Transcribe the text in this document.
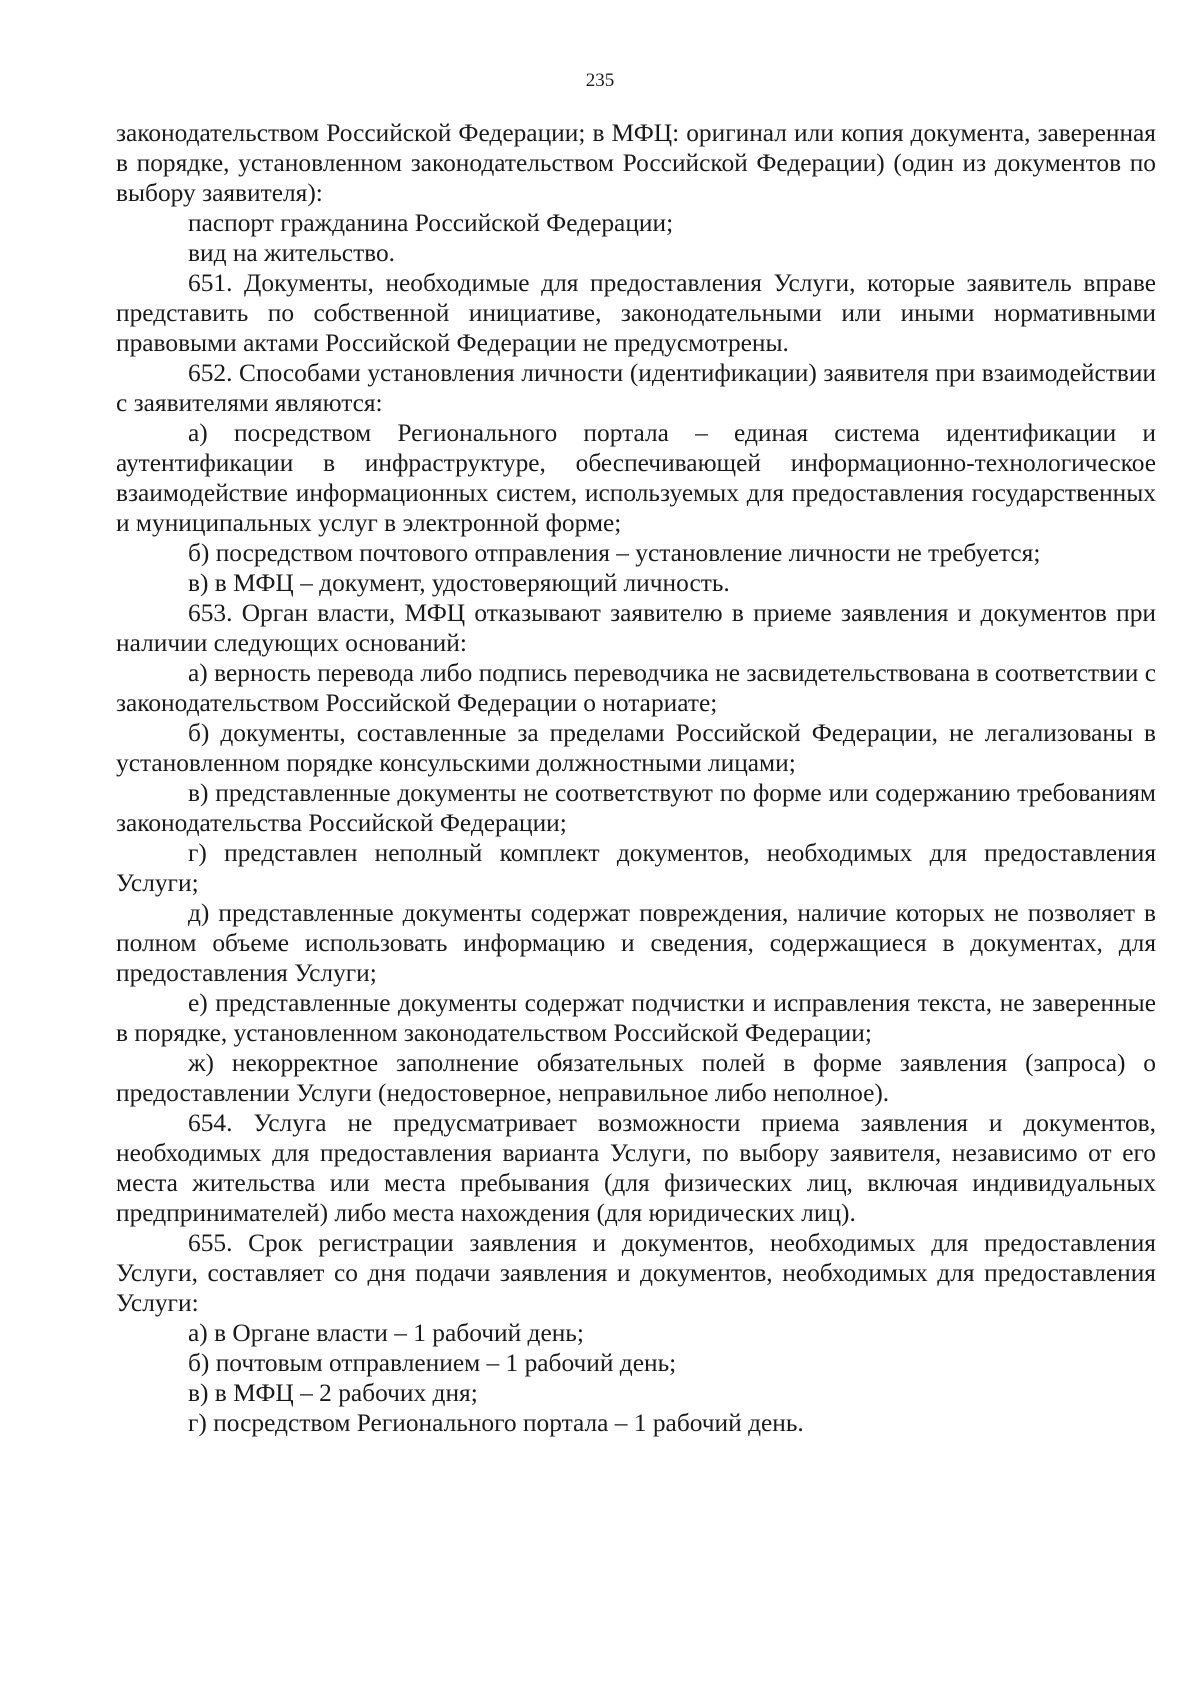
235

законодательством Российской Федерации; в МФЦ: оригинал или копия документа, заверенная в порядке, установленном законодательством Российской Федерации) (один из документов по выбору заявителя):

паспорт гражданина Российской Федерации;

вид на жительство.

651. Документы, необходимые для предоставления Услуги, которые заявитель вправе представить по собственной инициативе, законодательными или иными нормативными правовыми актами Российской Федерации не предусмотрены.

652. Способами установления личности (идентификации) заявителя при взаимодействии с заявителями являются:

а) посредством Регионального портала – единая система идентификации и аутентификации в инфраструктуре, обеспечивающей информационно-технологическое взаимодействие информационных систем, используемых для предоставления государственных и муниципальных услуг в электронной форме;

б) посредством почтового отправления – установление личности не требуется;

в) в МФЦ – документ, удостоверяющий личность.

653. Орган власти, МФЦ отказывают заявителю в приеме заявления и документов при наличии следующих оснований:

а) верность перевода либо подпись переводчика не засвидетельствована в соответствии с законодательством Российской Федерации о нотариате;

б) документы, составленные за пределами Российской Федерации, не легализованы в установленном порядке консульскими должностными лицами;

в) представленные документы не соответствуют по форме или содержанию требованиям законодательства Российской Федерации;

г) представлен неполный комплект документов, необходимых для предоставления Услуги;

д) представленные документы содержат повреждения, наличие которых не позволяет в полном объеме использовать информацию и сведения, содержащиеся в документах, для предоставления Услуги;

е) представленные документы содержат подчистки и исправления текста, не заверенные в порядке, установленном законодательством Российской Федерации;

ж) некорректное заполнение обязательных полей в форме заявления (запроса) о предоставлении Услуги (недостоверное, неправильное либо неполное).

654. Услуга не предусматривает возможности приема заявления и документов, необходимых для предоставления варианта Услуги, по выбору заявителя, независимо от его места жительства или места пребывания (для физических лиц, включая индивидуальных предпринимателей) либо места нахождения (для юридических лиц).

655. Срок регистрации заявления и документов, необходимых для предоставления Услуги, составляет со дня подачи заявления и документов, необходимых для предоставления Услуги:

а) в Органе власти – 1 рабочий день;

б) почтовым отправлением – 1 рабочий день;

в) в МФЦ – 2 рабочих дня;

г) посредством Регионального портала – 1 рабочий день.
